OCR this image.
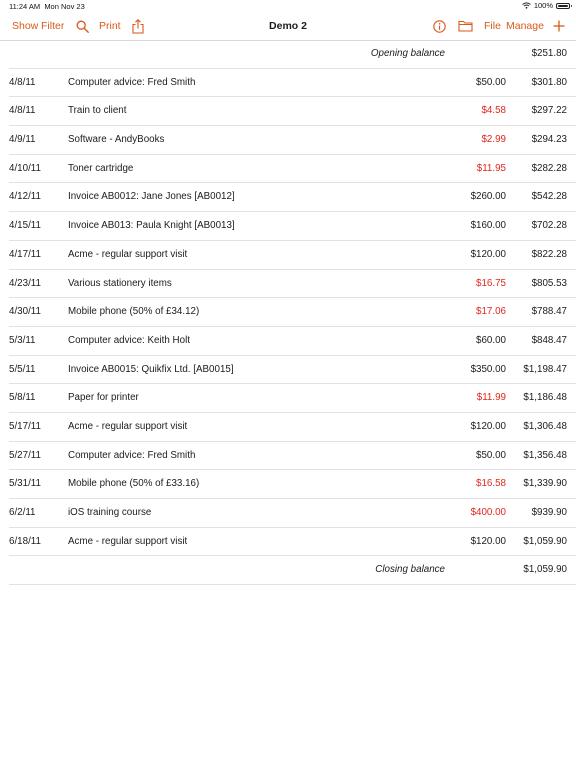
11:24 AM Mon Nov 23	100%
Demo 2
Show Filter	Print	File Manage
Opening balance	$251.80
4/8/11	Computer advice: Fred Smith	$50.00	$301.80
4/8/11	Train to client	$4.58	$297.22
4/9/11	Software - AndyBooks	$2.99	$294.23
4/10/11	Toner cartridge	$11.95	$282.28
4/12/11	Invoice AB0012: Jane Jones [AB0012]	$260.00	$542.28
4/15/11	Invoice AB013: Paula Knight [AB0013]	$160.00	$702.28
4/17/11	Acme - regular support visit	$120.00	$822.28
4/23/11	Various stationery items	$16.75	$805.53
4/30/11	Mobile phone (50% of £34.12)	$17.06	$788.47
5/3/11	Computer advice: Keith Holt	$60.00	$848.47
5/5/11	Invoice AB0015: Quikfix Ltd. [AB0015]	$350.00 $1,198.47
5/8/11	Paper for printer	$11.99 $1,186.48
5/17/11	Acme - regular support visit	$120.00 $1,306.48
5/27/11	Computer advice: Fred Smith	$50.00 $1,356.48
5/31/11	Mobile phone (50% of £33.16)	$16.58 $1,339.90
6/2/11	iOS training course	$400.00	$939.90
6/18/11	Acme - regular support visit	$120.00 $1,059.90
Closing balance	$1,059.90
